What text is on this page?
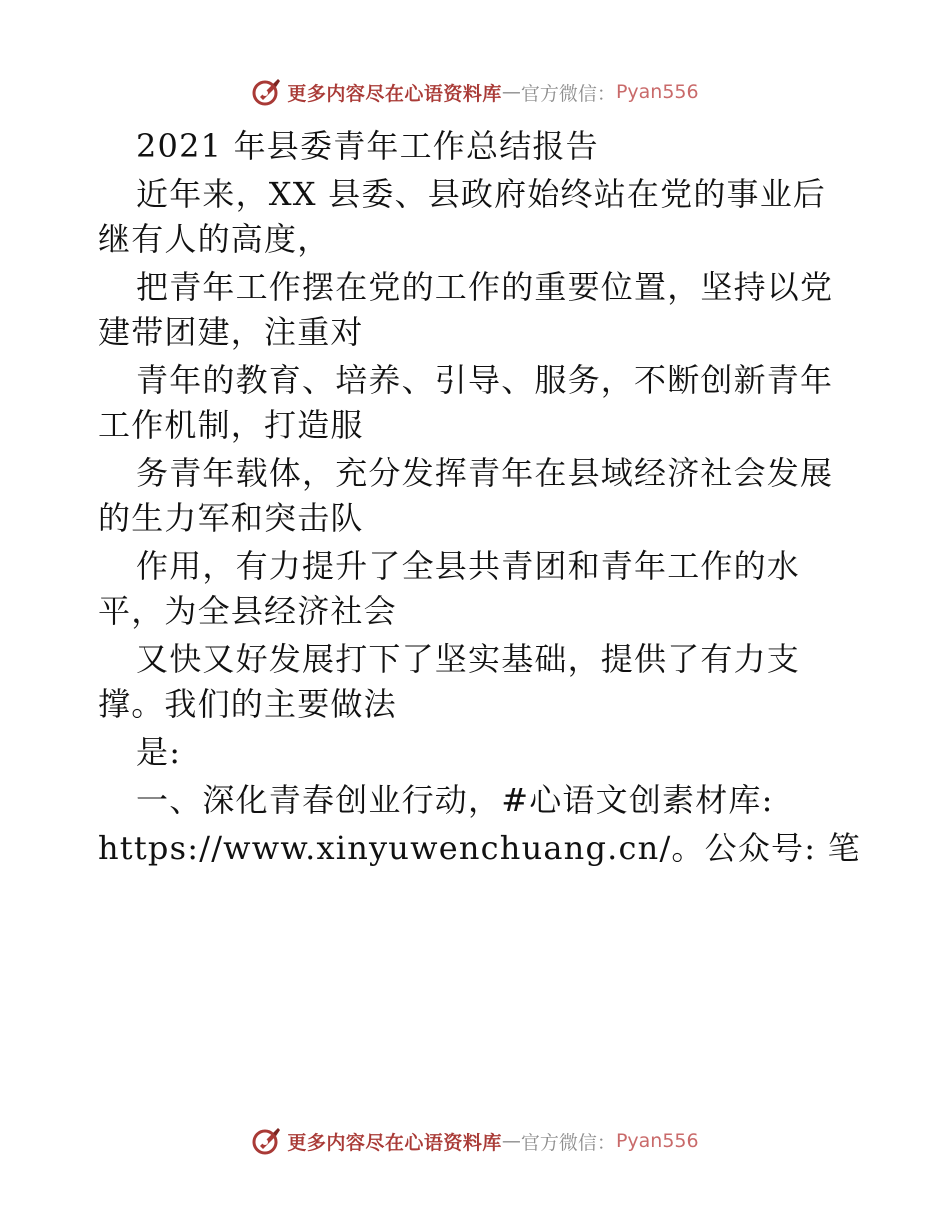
更多内容尽在心语资料库 — 官方微信： Pyan556
2021 年县委青年工作总结报告
近年来，XX 县委、县政府始终站在党的事业后
继有人的高度，
把青年工作摆在党的工作的重要位置，坚持以党
建带团建，注重对
青年的教育、培养、引导、服务，不断创新青年
工作机制，打造服
务青年载体，充分发挥青年在县域经济社会发展
的生力军和突击队
作用，有力提升了全县共青团和青年工作的水
平，为全县经济社会
又快又好发展打下了坚实基础，提供了有力支
撑。我们的主要做法
是:
一、深化青春创业行动，#心语文创素材库:
https://www.xinyuwenchuang.cn/。公众号: 笔
更多内容尽在心语资料库 — 官方微信： Pyan556
